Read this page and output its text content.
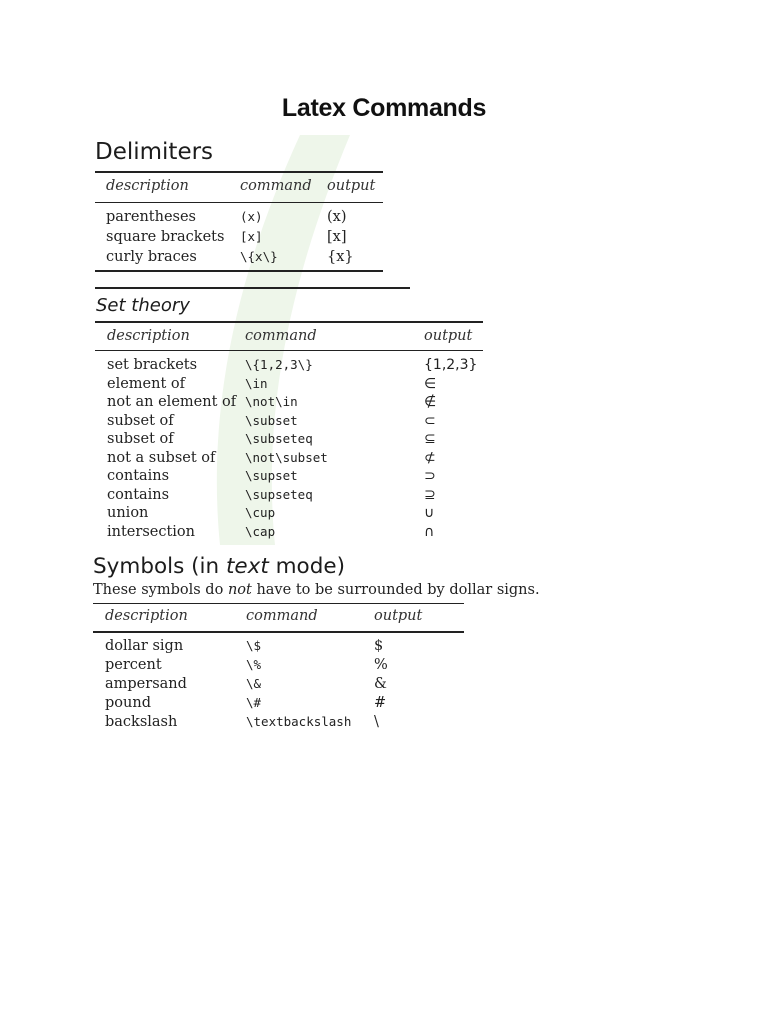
Latex Commands
Delimiters
description	command output
parentheses	(x)	(x)
square brackets [x]	[x]
curly braces	\{x\}	{x}
Set theory
description	command	output
set brackets	\{1,2,3\}	{1,2,3}
element of	\in	∈
not an element of \not\in	∉
subset of	\subset	⊂
subset of	\subseteq	⊆
not a subset of \not\subset	⊄
contains	\supset	⊃
contains	\supseteq	⊇
union	\cup	∪
intersection	\cap	∩
Symbols (in text mode)

These symbols do not have to be surrounded by dollar signs.

description	command	output
dollar sign	\$	$
percent	\%	%
ampersand	\&	&
pound	\#	#
backslash	\textbackslash \
